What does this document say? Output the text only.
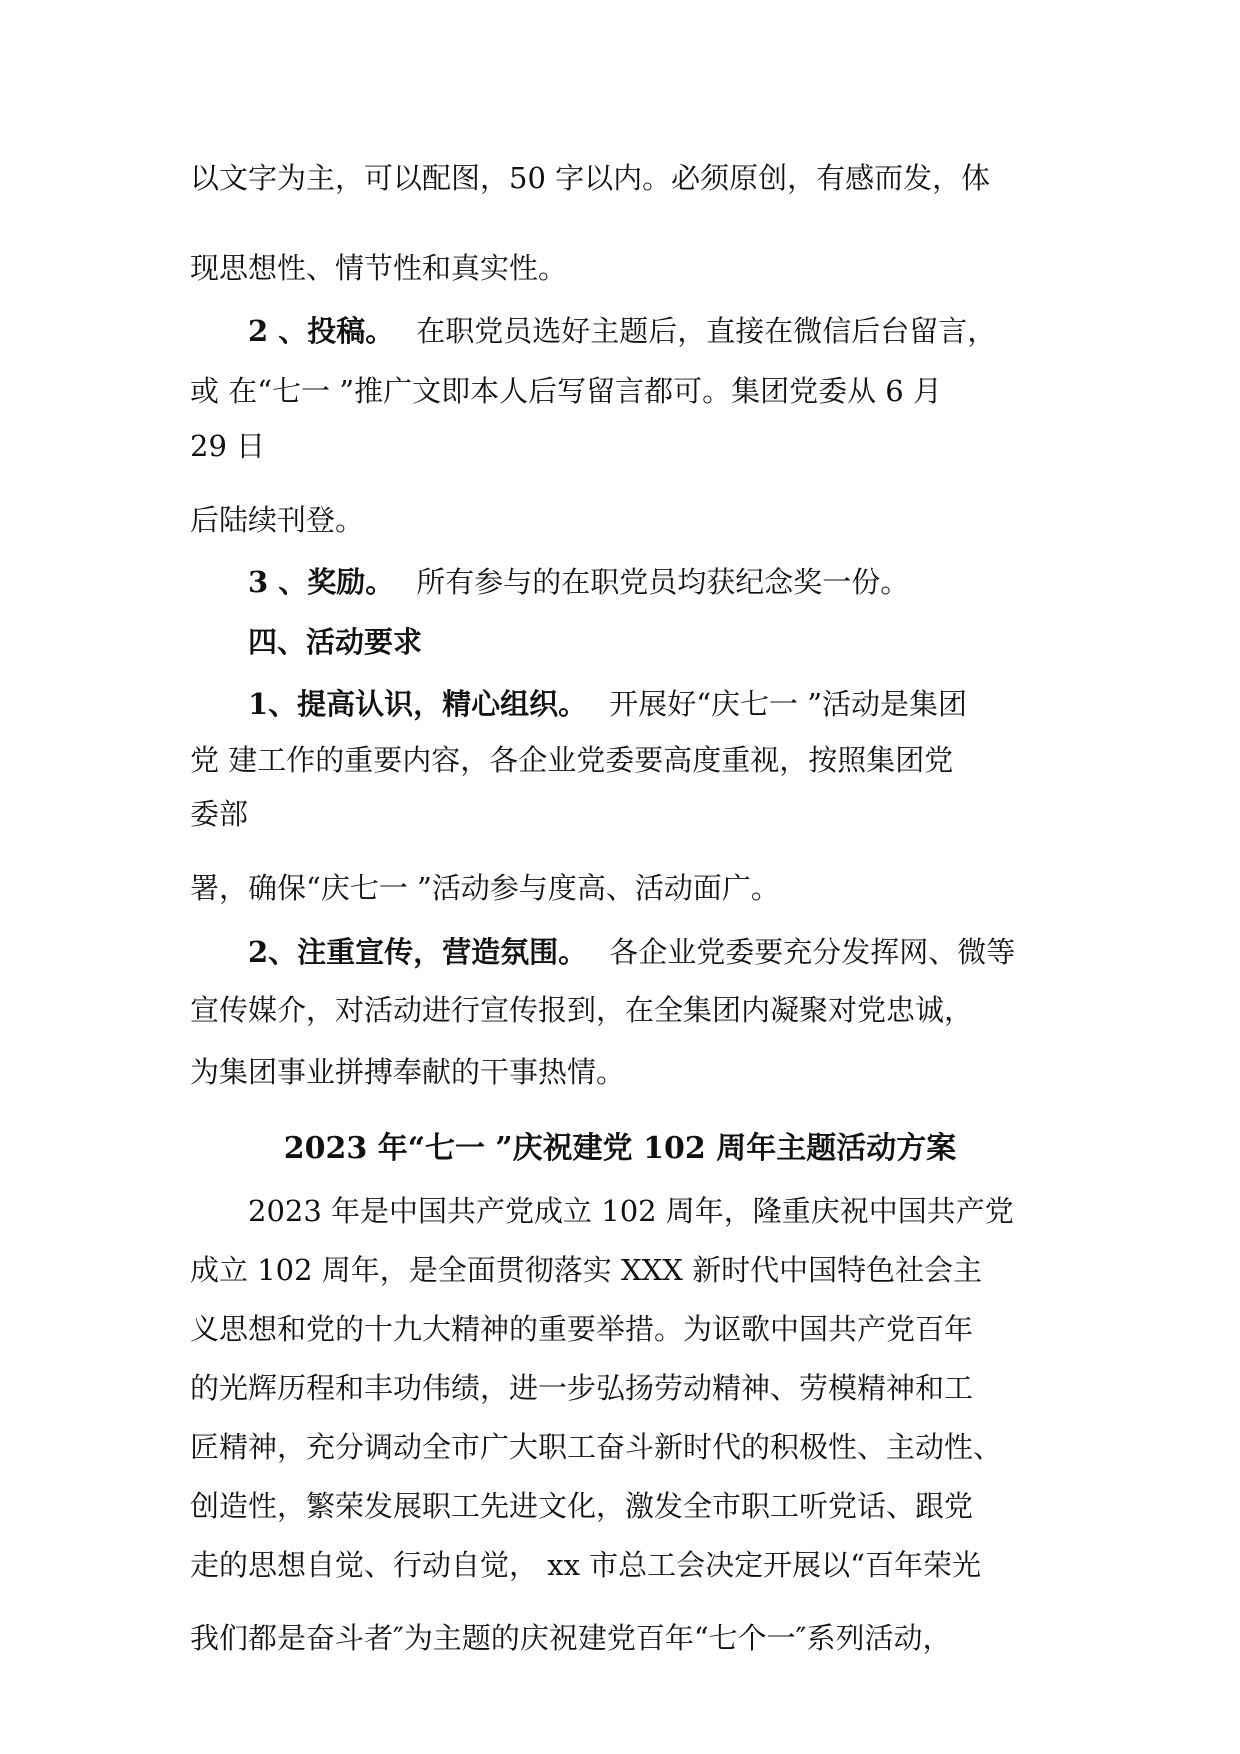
以文字为主，可以配图，50 字以内。必须原创，有感而发，体
现思想性、情节性和真实性。
2 、投稿。 在职党员选好主题后，直接在微信后台留言，
或 在“七一 ”推广文即本人后写留言都可。集团党委从 6 月
29 日
后陆续刊登。
3 、奖励。 所有参与的在职党员均获纪念奖一份。
四、活动要求
1、提高认识，精心组织。 开展好“庆七一 ”活动是集团
党 建工作的重要内容，各企业党委要高度重视，按照集团党
委部
署，确保“庆七一 ”活动参与度高、活动面广。
2、注重宣传，营造氛围。 各企业党委要充分发挥网、微等
宣传媒介，对活动进行宣传报到，在全集团内凝聚对党忠诚，
为集团事业拼搏奉献的干事热情。
2023 年“七一 ”庆祝建党 102 周年主题活动方案
2023 年是中国共产党成立 102 周年，隆重庆祝中国共产党
成立 102 周年，是全面贯彻落实 XXX 新时代中国特色社会主
义思想和党的十九大精神的重要举措。为讴歌中国共产党百年
的光辉历程和丰功伟绩，进一步弘扬劳动精神、劳模精神和工
匠精神，充分调动全市广大职工奋斗新时代的积极性、主动性、
创造性，繁荣发展职工先进文化，激发全市职工听党话、跟党
走的思想自觉、行动自觉， xx 市总工会决定开展以“百年荣光
我们都是奋斗者″为主题的庆祝建党百年“七个一″系列活动，
